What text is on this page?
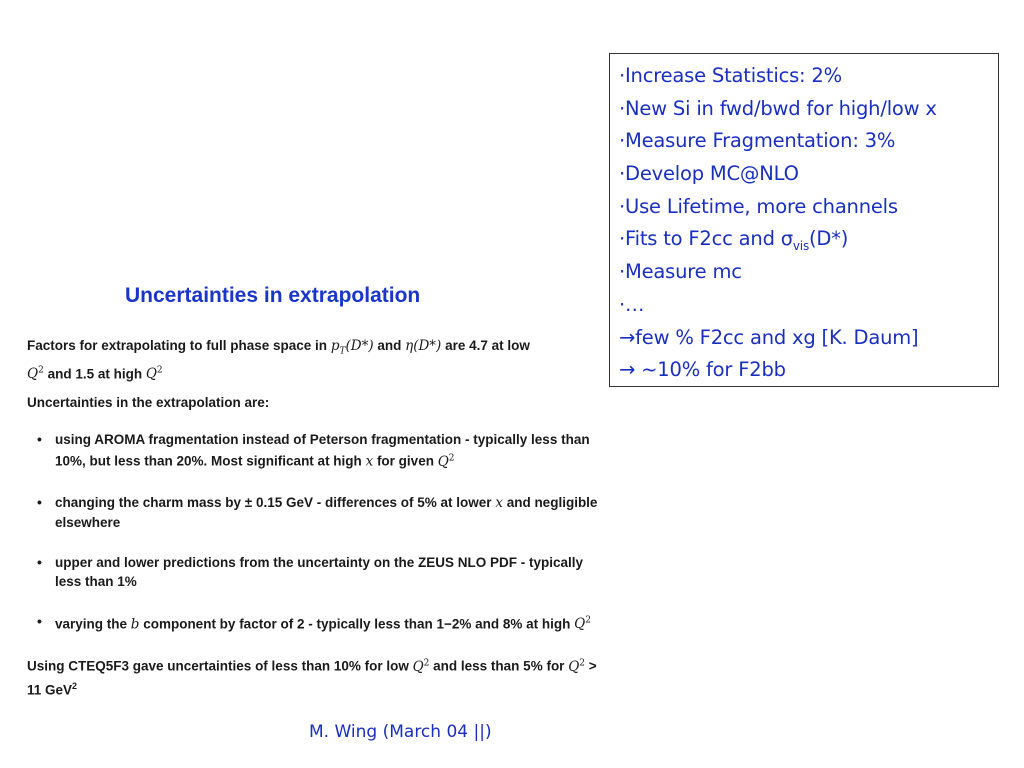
·Increase Statistics: 2%
·New Si in fwd/bwd for high/low x
·Measure Fragmentation: 3%
·Develop MC@NLO
·Use Lifetime, more channels
·Fits to F2cc and $\sigma_{vis}(D*)$
·Measure mc
·…
→few % F2cc and xg [K. Daum]
→ ~10% for F2bb
Uncertainties in extrapolation

Factors for extrapolating to full phase space in $p_T(D*)$ and η(D*) are 4.7 at low
$Q^2$ and 1.5 at high $Q^2$

Uncertainties in the extrapolation are:

• using AROMA fragmentation instead of Peterson fragmentation - typically less than 10%, but less than 20%. Most significant at high x for given $Q^2$
• changing the charm mass by ± 0.15 GeV - differences of 5% at lower x and negligible elsewhere
• upper and lower predictions from the uncertainty on the ZEUS NLO PDF - typically less than 1%
• varying the b component by factor of 2 - typically less than 1−2% and 8% at high $Q^2$

Using CTEQ5F3 gave uncertainties of less than 10% for low $Q^2$ and less than 5% for $Q^2 > 11$ GeV$^2$

M. Wing (March 04 ||)
